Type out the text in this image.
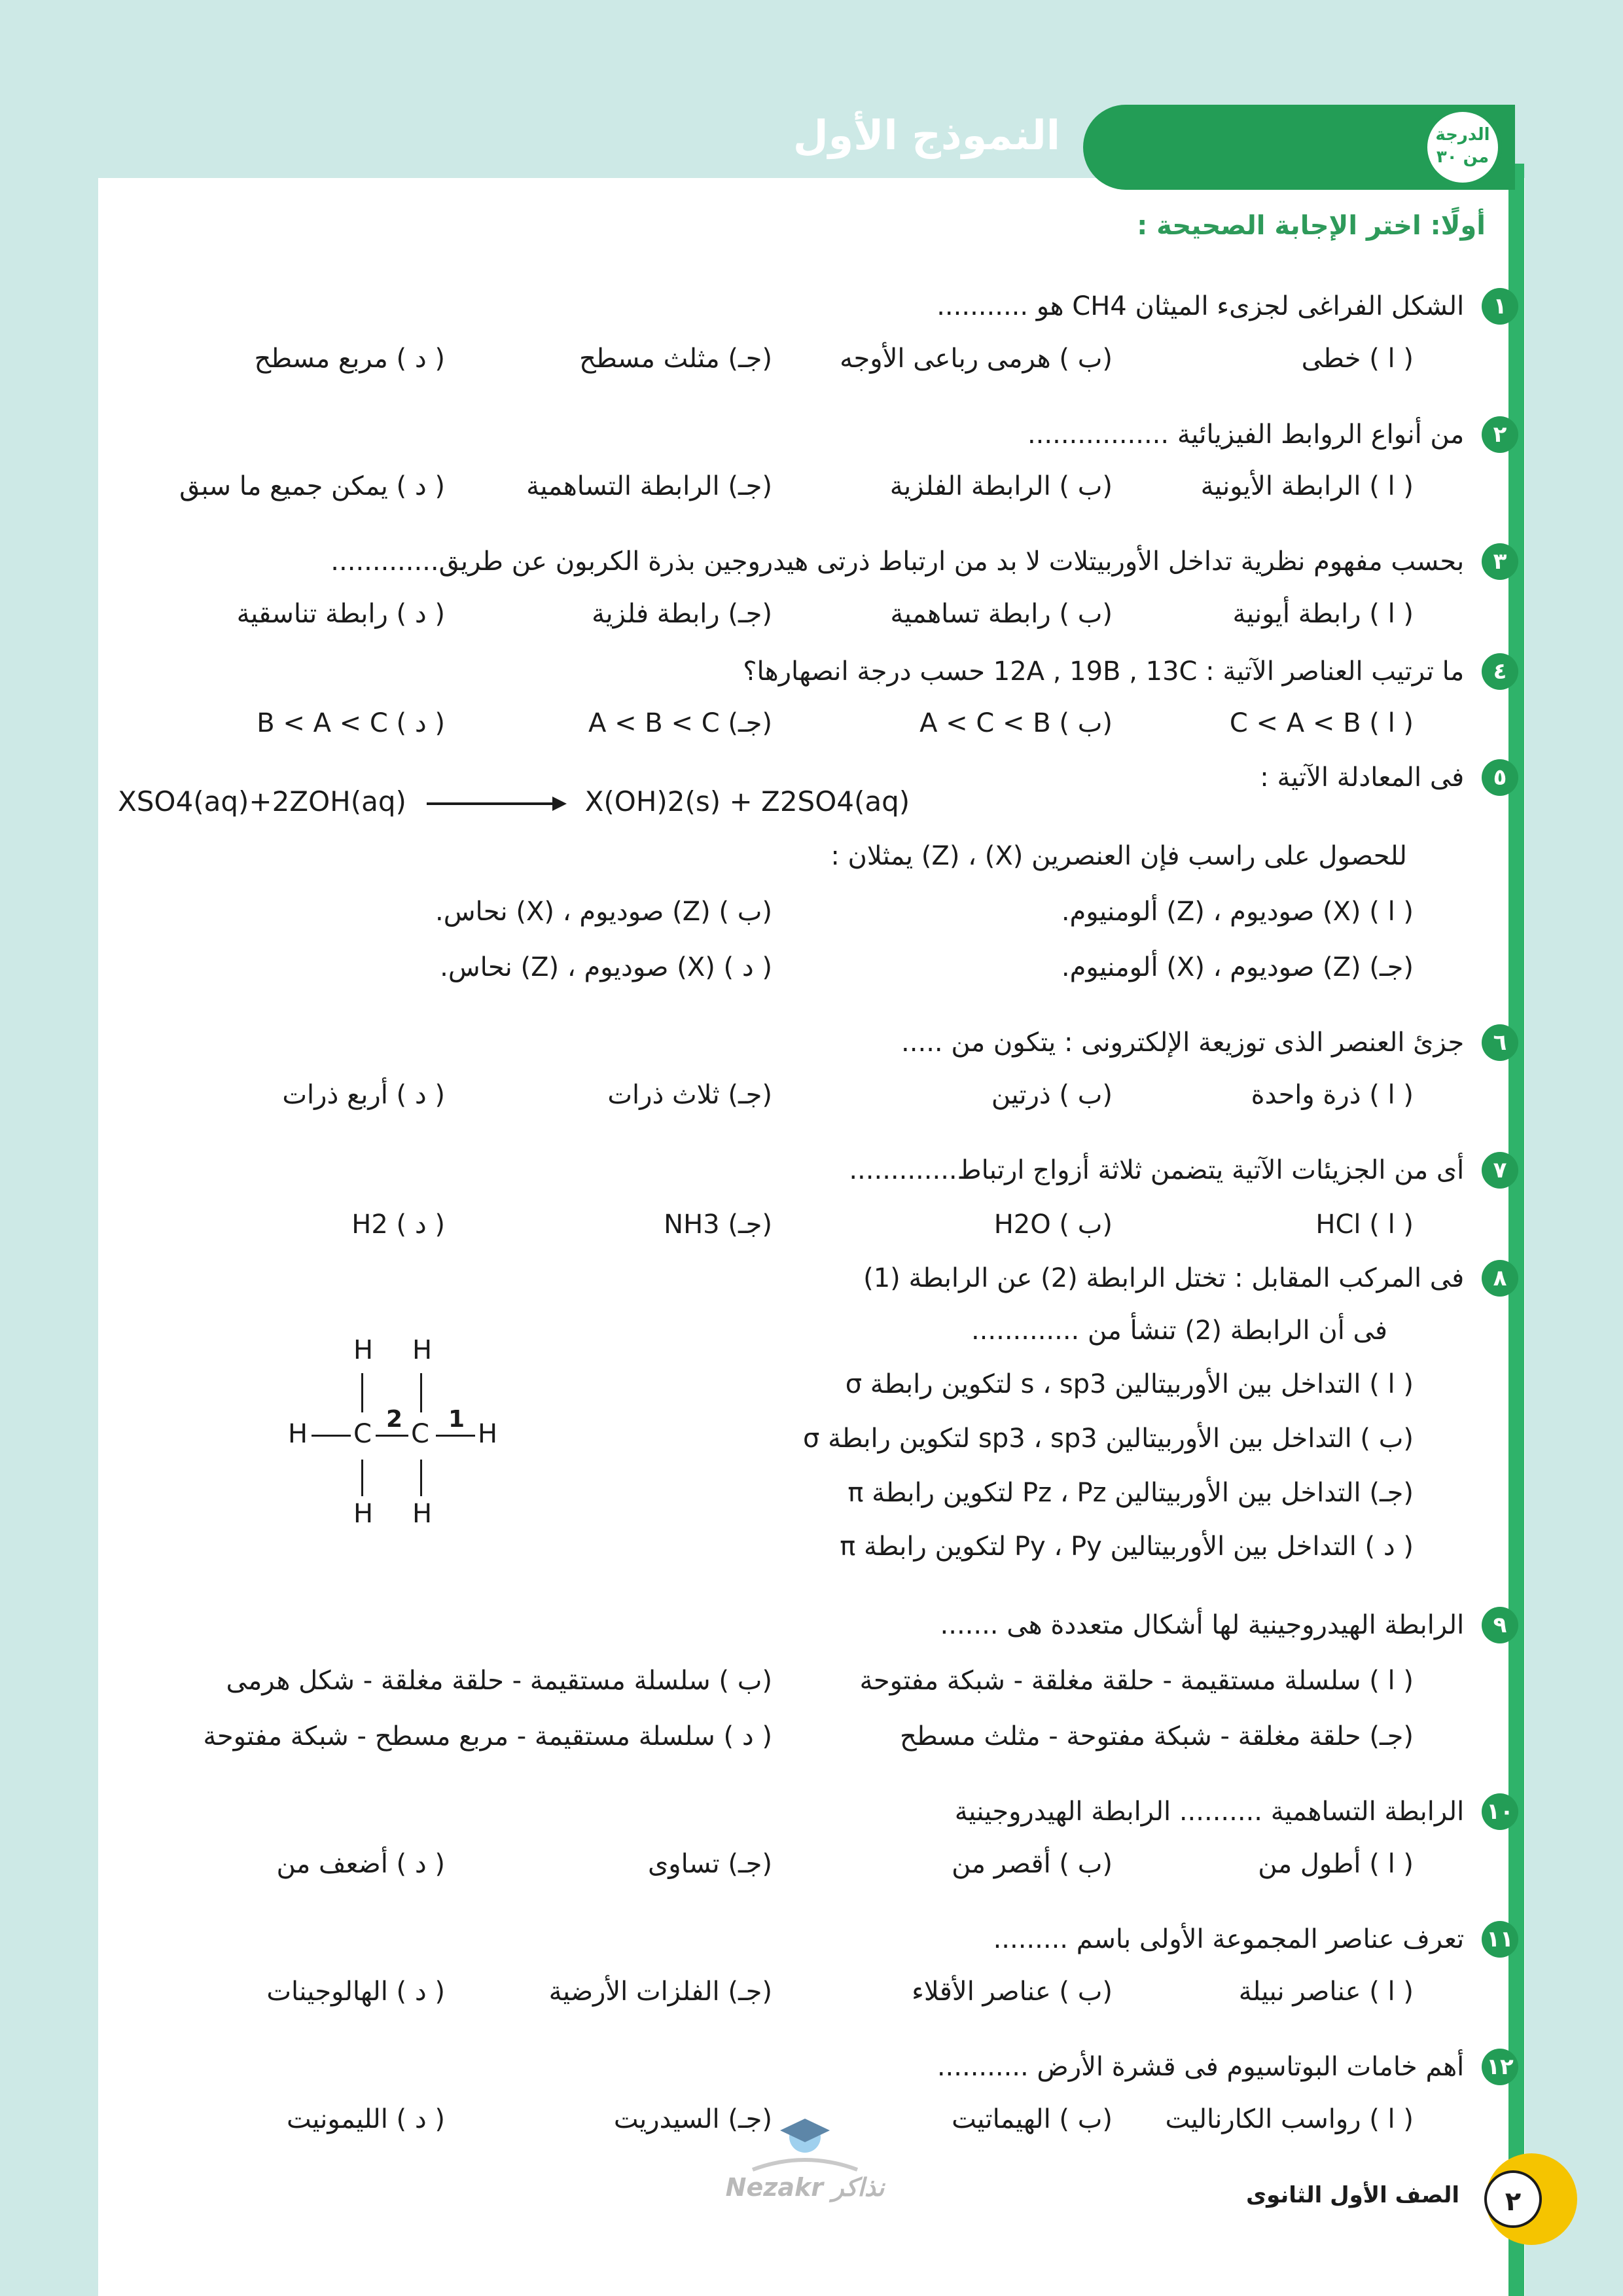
النموذج الأول	الدرجة
من ٣٠
أولًا: اختر الإجابة الصحيحة :
١ الشكل الفراغى لجزىء الميثان CH4 هو ...........
( ا ) خطى
(ب ) هرمى رباعى الأوجه
(جـ) مثلث مسطح
( د ) مربع مسطح
٢ من أنواع الروابط الفيزيائية .................
( ا ) الرابطة الأيونية
(ب ) الرابطة الفلزية
(جـ) الرابطة التساهمية
( د ) يمكن جميع ما سبق
٣ بحسب مفهوم نظرية تداخل الأوربيتلات لا بد من ارتباط ذرتى هيدروجين بذرة الكربون عن طريق.............
( ا ) رابطة أيونية
(ب ) رابطة تساهمية
(جـ) رابطة فلزية
( د ) رابطة تناسقية
٤ ما ترتيب العناصر الآتية : 12A , 19B , 13C حسب درجة انصهارها؟
( ا ) C < A < B
(ب ) A < C < B
(جـ) A < B < C
( د ) B < A < C
٥ فى المعادلة الآتية :
XSO4(aq)+2ZOH(aq)	X(OH)2(s) + Z2SO4(aq)
للحصول على راسب فإن العنصرين (X) ، (Z) يمثلان :
( ا ) (X) صوديوم ، (Z) ألومنيوم.
(ب ) (Z) صوديوم ، (X) نحاس.
(جـ) (Z) صوديوم ، (X) ألومنيوم.
( د ) (X) صوديوم ، (Z) نحاس.
٦ جزئ العنصر الذى توزيعة الإلكترونى : يتكون من .....
( ا ) ذرة واحدة
(ب ) ذرتين
(جـ) ثلاث ذرات
( د ) أربع ذرات
٧ أى من الجزيئات الآتية يتضمن ثلاثة أزواج ارتباط.............
( ا ) HCl
(ب ) H2O
(جـ) NH3
( د ) H2
٨ فى المركب المقابل : تختل الرابطة (2) عن الرابطة (1)
فى أن الرابطة (2) تنشأ من .............
( ا ) التداخل بين الأوربيتالين s ، sp3 لتكوين رابطة σ
(ب ) التداخل بين الأوربيتالين sp3 ، sp3 لتكوين رابطة σ
(جـ) التداخل بين الأوربيتالين Pz ، Pz لتكوين رابطة π
( د ) التداخل بين الأوربيتالين Py ، Py لتكوين رابطة π
H H
H C C H
H H
2 1
٩ الرابطة الهيدروجينية لها أشكال متعددة هى .......
( ا ) سلسلة مستقيمة - حلقة مغلقة - شبكة مفتوحة
(ب ) سلسلة مستقيمة - حلقة مغلقة - شكل هرمى
(جـ) حلقة مغلقة - شبكة مفتوحة - مثلث مسطح
( د ) سلسلة مستقيمة - مربع مسطح - شبكة مفتوحة
١٠ الرابطة التساهمية .......... الرابطة الهيدروجينية
( ا ) أطول من
(ب ) أقصر من
(جـ) تساوى
( د ) أضعف من
١١ تعرف عناصر المجموعة الأولى باسم .........
( ا ) عناصر نبيلة
(ب ) عناصر الأقلاء
(جـ) الفلزات الأرضية
( د ) الهالوجينات
١٢ أهم خامات البوتاسيوم فى قشرة الأرض ...........
( ا ) رواسب الكارناليت
(ب ) الهيماتيت
(جـ) السيدريت
( د ) الليمونيت
Nezakr نذاكر	٢
الصف الأول الثانوى
